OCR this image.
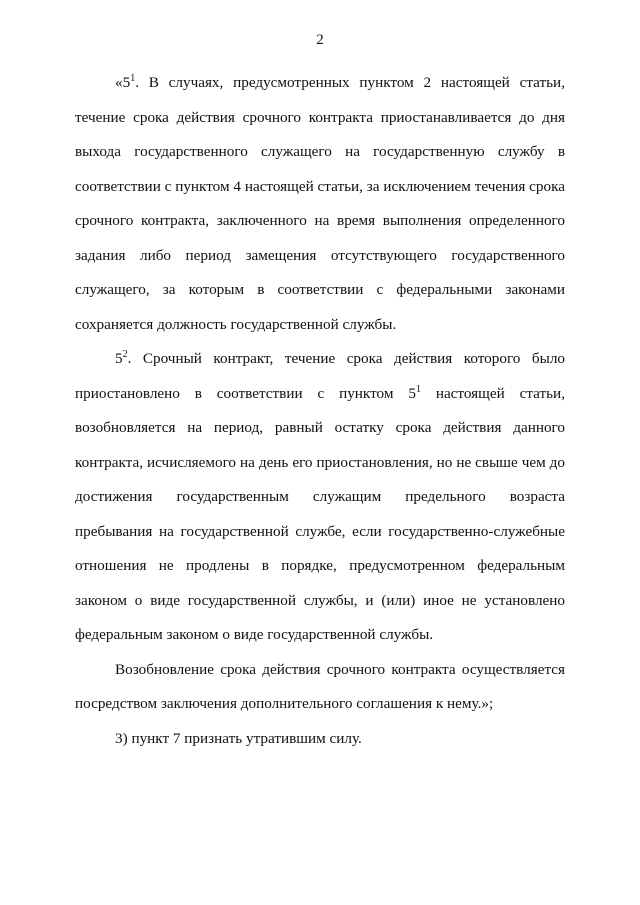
2

«$5^1$. В случаях, предусмотренных пунктом 2 настоящей статьи, течение срока действия срочного контракта приостанавливается до дня выхода государственного служащего на государственную службу в соответствии с пунктом 4 настоящей статьи, за исключением течения срока срочного контракта, заключенного на время выполнения определенного задания либо период замещения отсутствующего государственного служащего, за которым в соответствии с федеральными законами сохраняется должность государственной службы.

$5^2$. Срочный контракт, течение срока действия которого было приостановлено в соответствии с пунктом $5^1$ настоящей статьи, возобновляется на период, равный остатку срока действия данного контракта, исчисляемого на день его приостановления, но не свыше чем до достижения государственным служащим предельного возраста пребывания на государственной службе, если государственно-служебные отношения не продлены в порядке, предусмотренном федеральным законом о виде государственной службы, и (или) иное не установлено федеральным законом о виде государственной службы.

Возобновление срока действия срочного контракта осуществляется посредством заключения дополнительного соглашения к нему.»;

3) пункт 7 признать утратившим силу.
